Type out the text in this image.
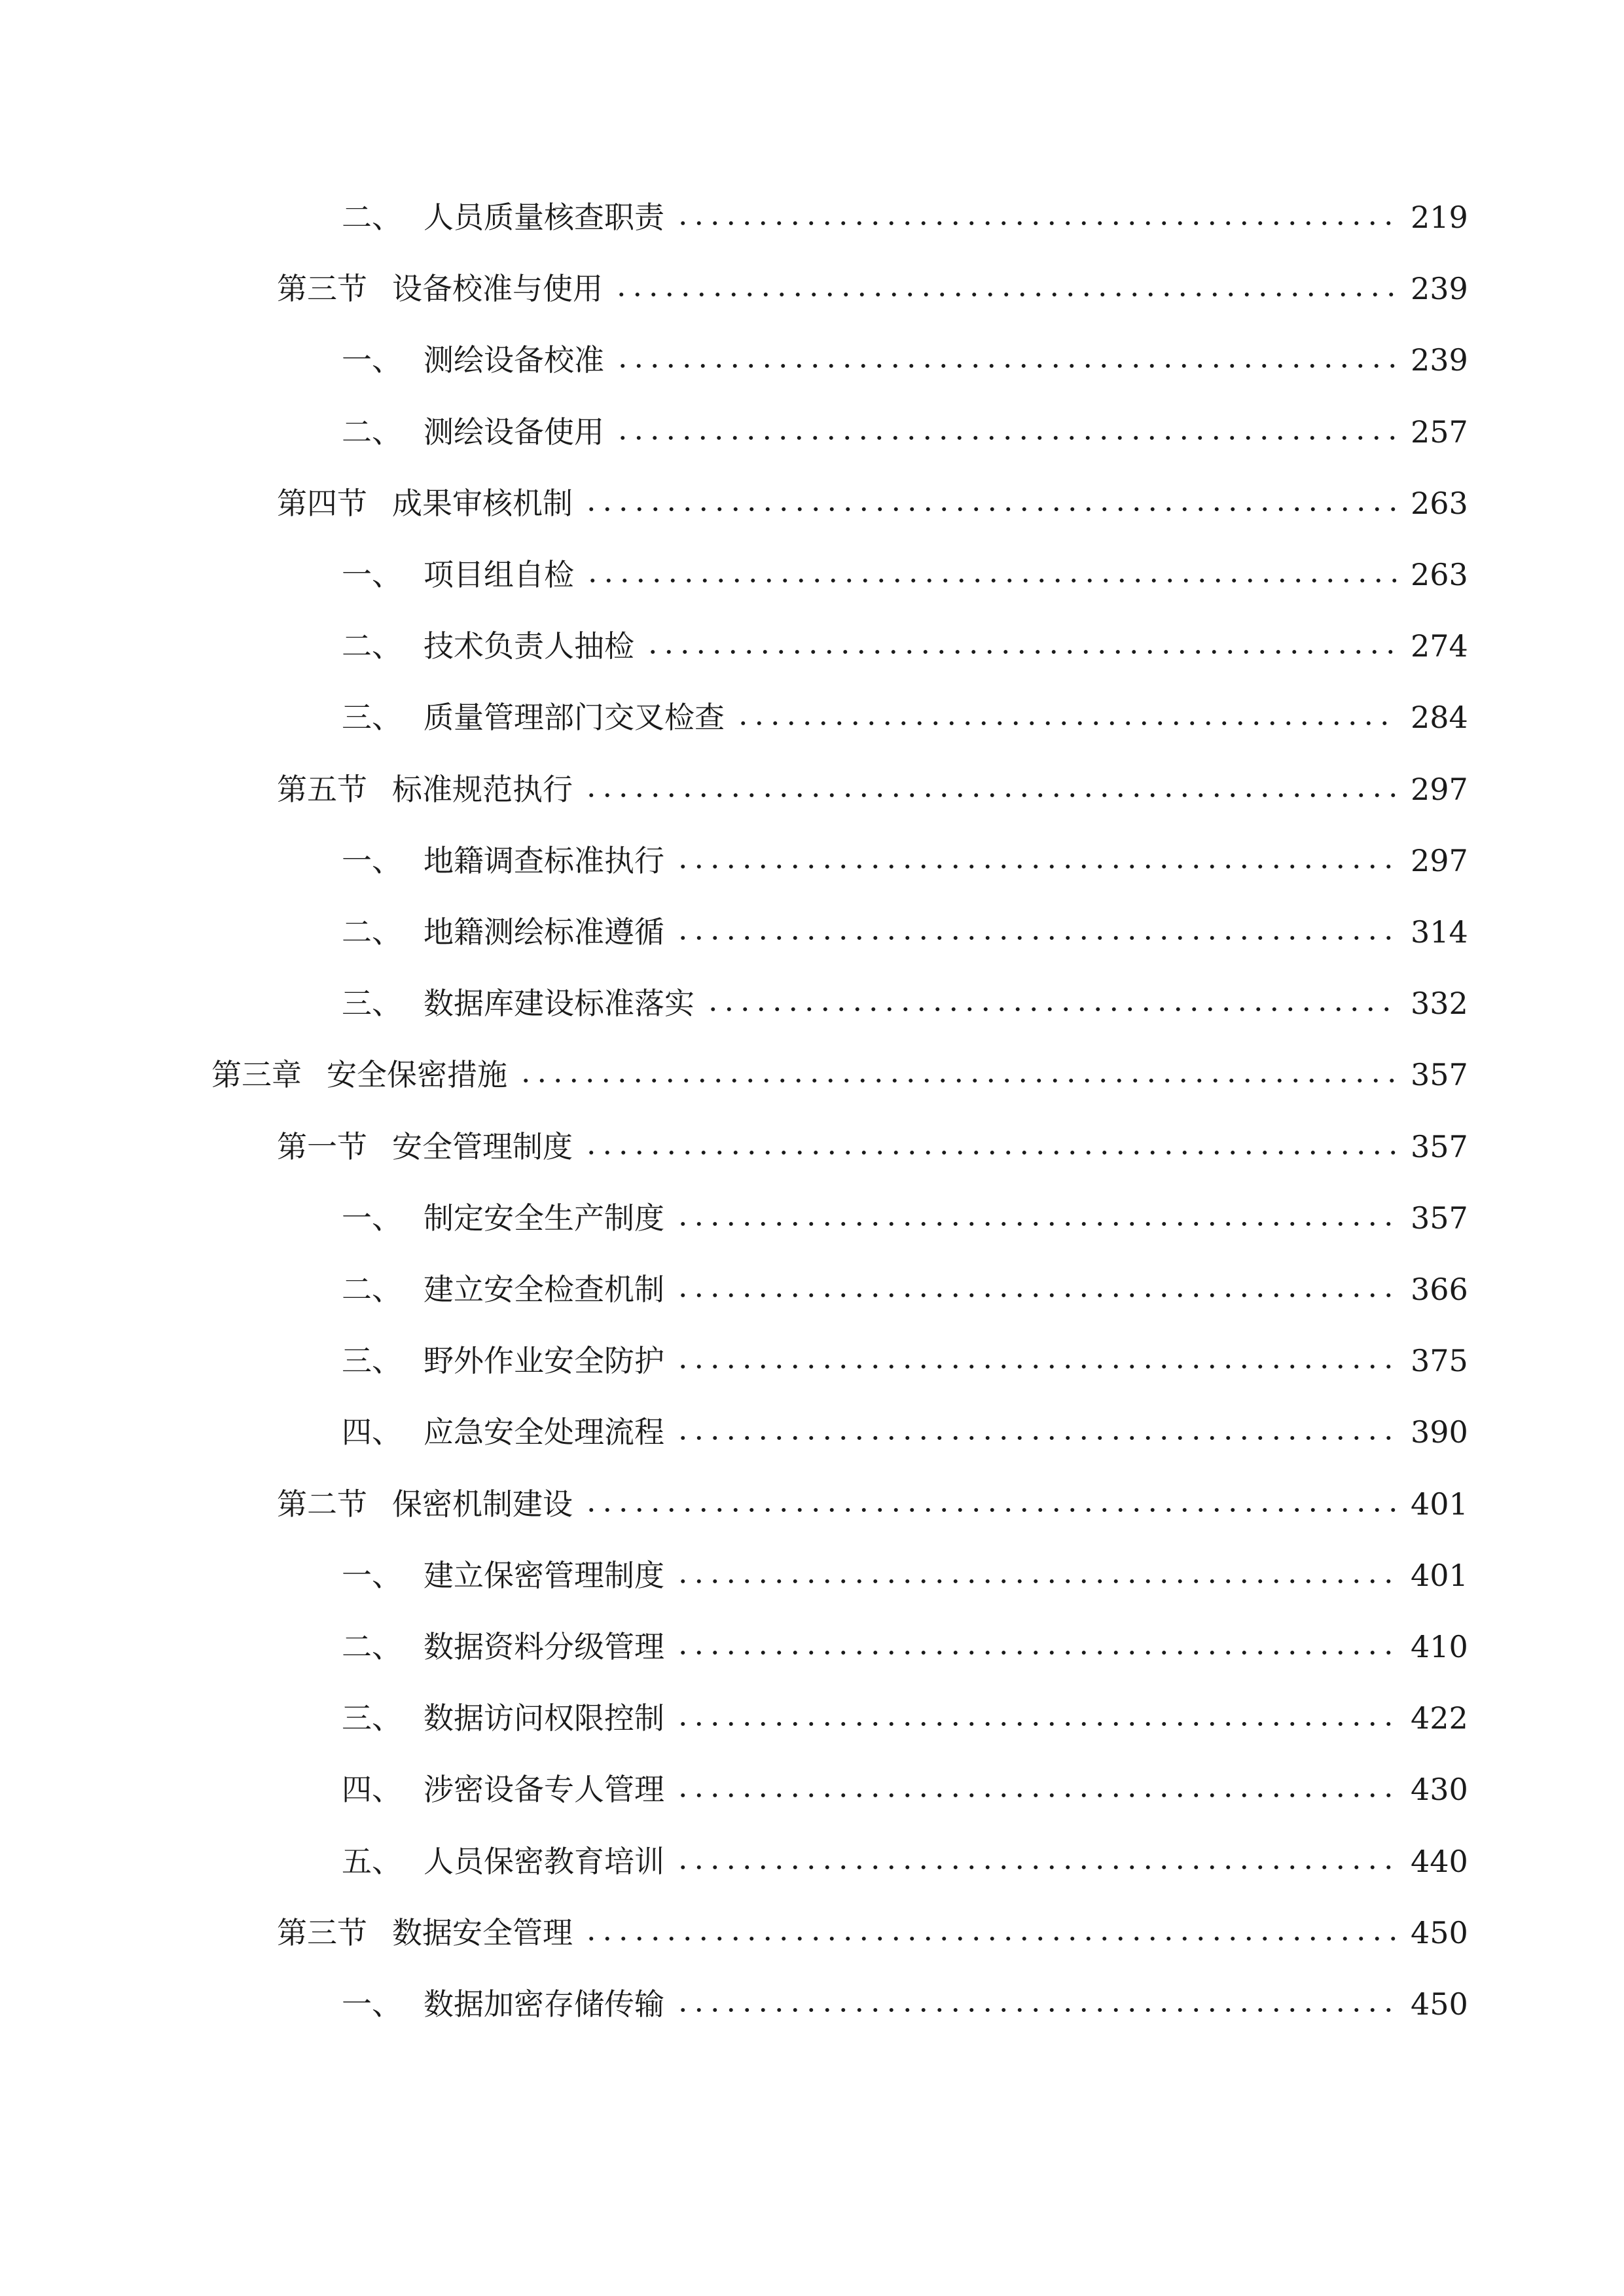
二、 人员质量核查职责	219
第三节 设备校准与使用	239
一、 测绘设备校准	239
二、 测绘设备使用	257
第四节 成果审核机制	263
一、 项目组自检	263
二、 技术负责人抽检	274
三、 质量管理部门交叉检查	284
第五节 标准规范执行	297
一、 地籍调查标准执行	297
二、 地籍测绘标准遵循	314
三、 数据库建设标准落实	332
第三章 安全保密措施	357
第一节 安全管理制度	357
一、 制定安全生产制度	357
二、 建立安全检查机制	366
三、 野外作业安全防护	375
四、 应急安全处理流程	390
第二节 保密机制建设	401
一、 建立保密管理制度	401
二、 数据资料分级管理	410
三、 数据访问权限控制	422
四、 涉密设备专人管理	430
五、 人员保密教育培训	440
第三节 数据安全管理	450
一、 数据加密存储传输	450
